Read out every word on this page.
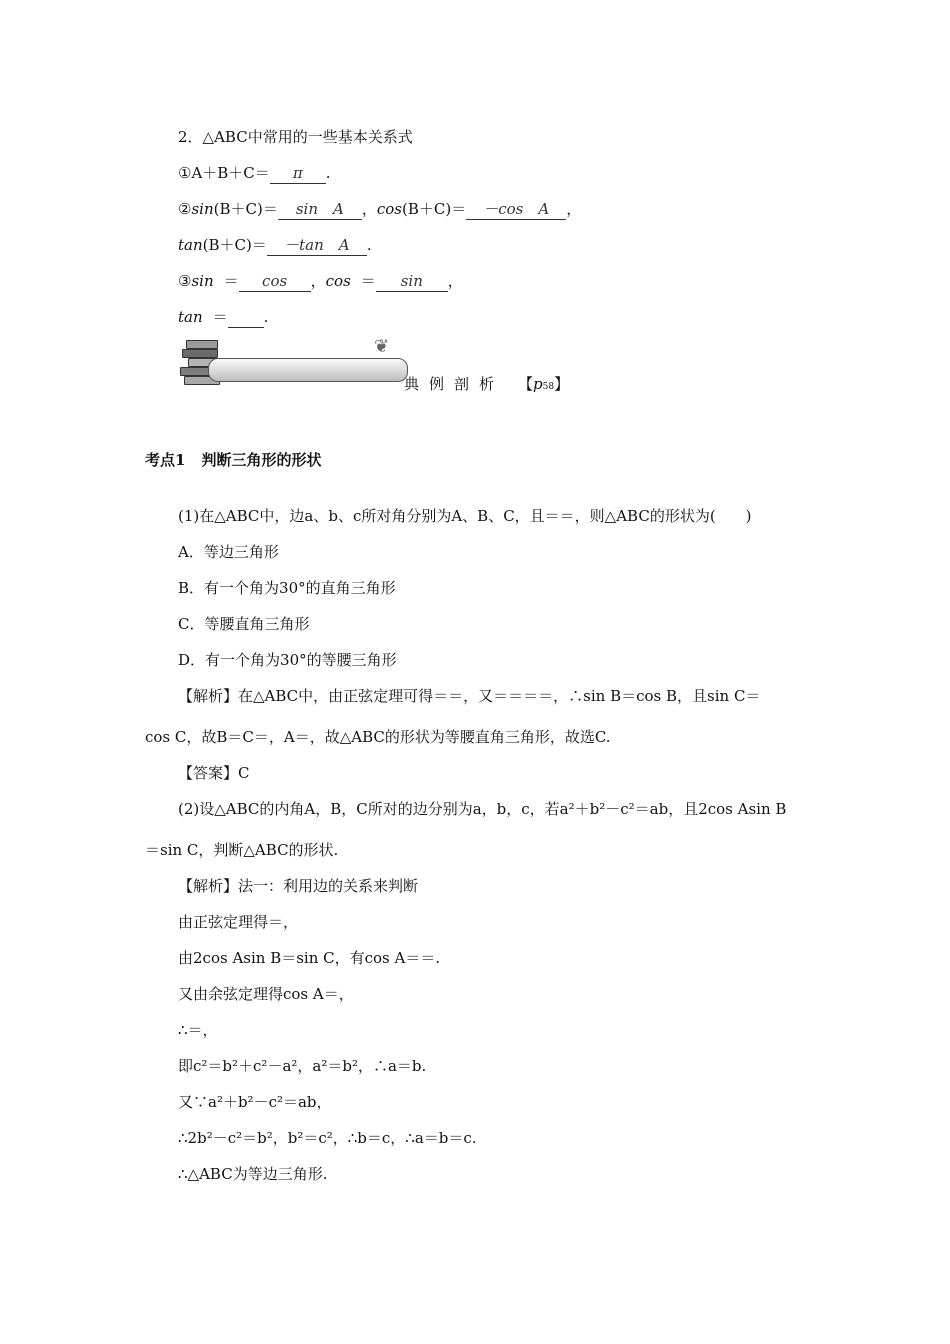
2．△ABC中常用的一些基本关系式
①A＋B＋C＝ π .
②sin(B＋C)＝ sin　A ，cos(B＋C)＝ －cos　A ，
tan(B＋C)＝ －tan　A .
③sin ＝ cos ，cos ＝ sin ，
tan ＝ .
❦
典例剖析 【p58】
考点1 判断三角形的形状
(1)在△ABC中，边a、b、c所对角分别为A、B、C，且＝＝，则△ABC的形状为(　　)
A．等边三角形
B．有一个角为30°的直角三角形
C．等腰直角三角形
D．有一个角为30°的等腰三角形
【解析】在△ABC中，由正弦定理可得＝＝，又＝＝＝＝，∴sin B＝cos B，且sin C＝
cos C，故B＝C＝，A＝，故△ABC的形状为等腰直角三角形，故选C.
【答案】C
(2)设△ABC的内角A，B，C所对的边分别为a，b，c，若a²＋b²－c²＝ab，且2cos Asin B
＝sin C，判断△ABC的形状.
【解析】法一：利用边的关系来判断
由正弦定理得＝，
由2cos Asin B＝sin C，有cos A＝＝.
又由余弦定理得cos A＝，
∴＝，
即c²＝b²＋c²－a²，a²＝b²，∴a＝b.
又∵a²＋b²－c²＝ab，
∴2b²－c²＝b²，b²＝c²，∴b＝c，∴a＝b＝c.
∴△ABC为等边三角形.
